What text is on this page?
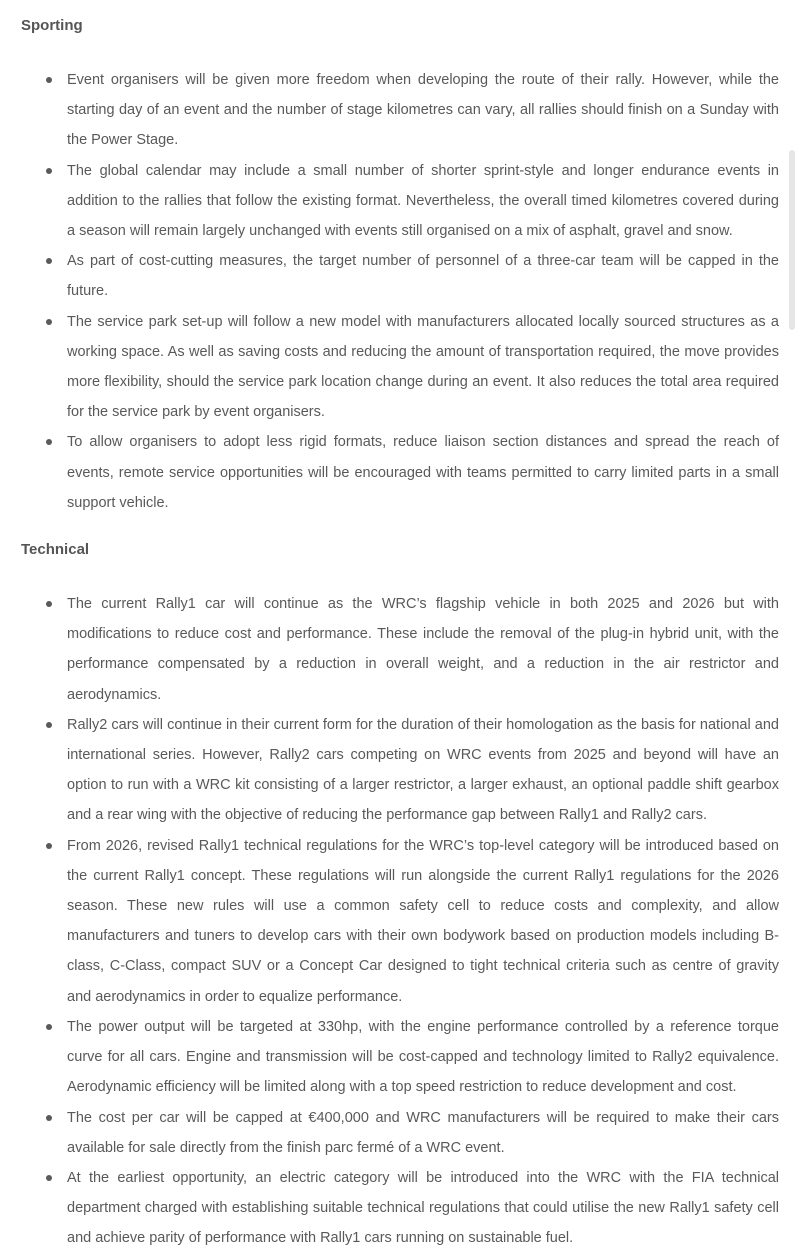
Sporting
Event organisers will be given more freedom when developing the route of their rally. However, while the starting day of an event and the number of stage kilometres can vary, all rallies should finish on a Sunday with the Power Stage.
The global calendar may include a small number of shorter sprint-style and longer endurance events in addition to the rallies that follow the existing format. Nevertheless, the overall timed kilometres covered during a season will remain largely unchanged with events still organised on a mix of asphalt, gravel and snow.
As part of cost-cutting measures, the target number of personnel of a three-car team will be capped in the future.
The service park set-up will follow a new model with manufacturers allocated locally sourced structures as a working space. As well as saving costs and reducing the amount of transportation required, the move provides more flexibility, should the service park location change during an event. It also reduces the total area required for the service park by event organisers.
To allow organisers to adopt less rigid formats, reduce liaison section distances and spread the reach of events, remote service opportunities will be encouraged with teams permitted to carry limited parts in a small support vehicle.
Technical
The current Rally1 car will continue as the WRC’s flagship vehicle in both 2025 and 2026 but with modifications to reduce cost and performance. These include the removal of the plug-in hybrid unit, with the performance compensated by a reduction in overall weight, and a reduction in the air restrictor and aerodynamics.
Rally2 cars will continue in their current form for the duration of their homologation as the basis for national and international series. However, Rally2 cars competing on WRC events from 2025 and beyond will have an option to run with a WRC kit consisting of a larger restrictor, a larger exhaust, an optional paddle shift gearbox and a rear wing with the objective of reducing the performance gap between Rally1 and Rally2 cars.
From 2026, revised Rally1 technical regulations for the WRC’s top-level category will be introduced based on the current Rally1 concept. These regulations will run alongside the current Rally1 regulations for the 2026 season. These new rules will use a common safety cell to reduce costs and complexity, and allow manufacturers and tuners to develop cars with their own bodywork based on production models including B-class, C-Class, compact SUV or a Concept Car designed to tight technical criteria such as centre of gravity and aerodynamics in order to equalize performance.
The power output will be targeted at 330hp, with the engine performance controlled by a reference torque curve for all cars. Engine and transmission will be cost-capped and technology limited to Rally2 equivalence. Aerodynamic efficiency will be limited along with a top speed restriction to reduce development and cost.
The cost per car will be capped at €400,000 and WRC manufacturers will be required to make their cars available for sale directly from the finish parc fermé of a WRC event.
At the earliest opportunity, an electric category will be introduced into the WRC with the FIA technical department charged with establishing suitable technical regulations that could utilise the new Rally1 safety cell and achieve parity of performance with Rally1 cars running on sustainable fuel.
